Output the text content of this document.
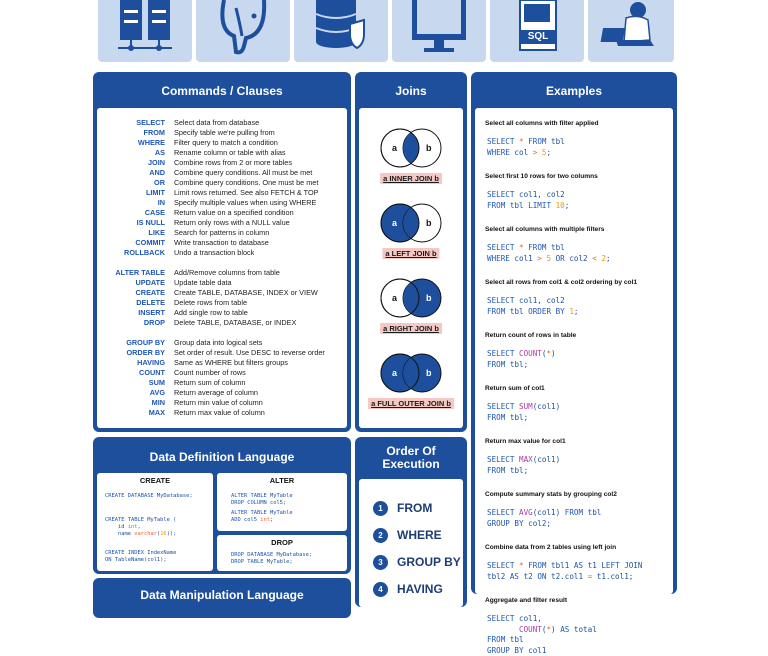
SQL
Commands / Clauses
SELECT Select data from database
FROM Specify table we're pulling from
WHERE Filter query to match a condition
AS Rename column or table with alias
JOIN Combine rows from 2 or more tables
AND Combine query conditions. All must be met
OR Combine query conditions. One must be met
LIMIT Limit rows returned. See also FETCH & TOP
IN Specify multiple values when using WHERE
CASE Return value on a specified condition
IS NULL Return only rows with a NULL value
LIKE Search for patterns in column
COMMIT Write transaction to database
ROLLBACK Undo a transaction block
ALTER TABLE Add/Remove columns from table
UPDATE Update table data
CREATE Create TABLE, DATABASE, INDEX or VIEW
DELETE Delete rows from table
INSERT Add single row to table
DROP Delete TABLE, DATABASE, or INDEX
GROUP BY Group data into logical sets
ORDER BY Set order of result. Use DESC to reverse order
HAVING Same as WHERE but filters groups
COUNT Count number of rows
SUM Return sum of column
AVG Return average of column
MIN Return min value of column
MAX Return max value of column
Joins
a	b
a INNER JOIN b
a	b
a LEFT JOIN b
a	b
a RIGHT JOIN b
a	b
a FULL OUTER JOIN b
Examples
Select all columns with filter applied
SELECT * FROM tbl
WHERE col > 5;
Select first 10 rows for two columns
SELECT col1, col2
FROM tbl LIMIT 10;
Select all columns with multiple filters
SELECT * FROM tbl
WHERE col1 > 5 OR col2 < 2;
Select all rows from col1 & col2 ordering by col1
SELECT col1, col2
FROM tbl ORDER BY 1;
Return count of rows in table
SELECT COUNT(*)
FROM tbl;
Return sum of col1
SELECT SUM(col1)
FROM tbl;
Return max value for col1
SELECT MAX(col1)
FROM tbl;
Compute summary stats by grouping col2
SELECT AVG(col1) FROM tbl
GROUP BY col2;
Combine data from 2 tables using left join
SELECT * FROM tbl1 AS t1 LEFT JOIN
tbl2 AS t2 ON t2.col1 = t1.col1;
Aggregate and filter result
SELECT col1,
COUNT(*) AS total
FROM tbl
GROUP BY col1
Data Definition Language
CREATE
CREATE DATABASE MyDatabase;
CREATE TABLE MyTable (
id int,
name varchar(16));
CREATE INDEX IndexName
ON TableName(col1);
ALTER
ALTER TABLE MyTable
DROP COLUMN col5;
ALTER TABLE MyTable
ADD col5 int;
DROP
DROP DATABASE MyDatabase;
DROP TABLE MyTable;
Data Manipulation Language
Order Of Execution
1 FROM
2 WHERE
3 GROUP BY
4 HAVING
